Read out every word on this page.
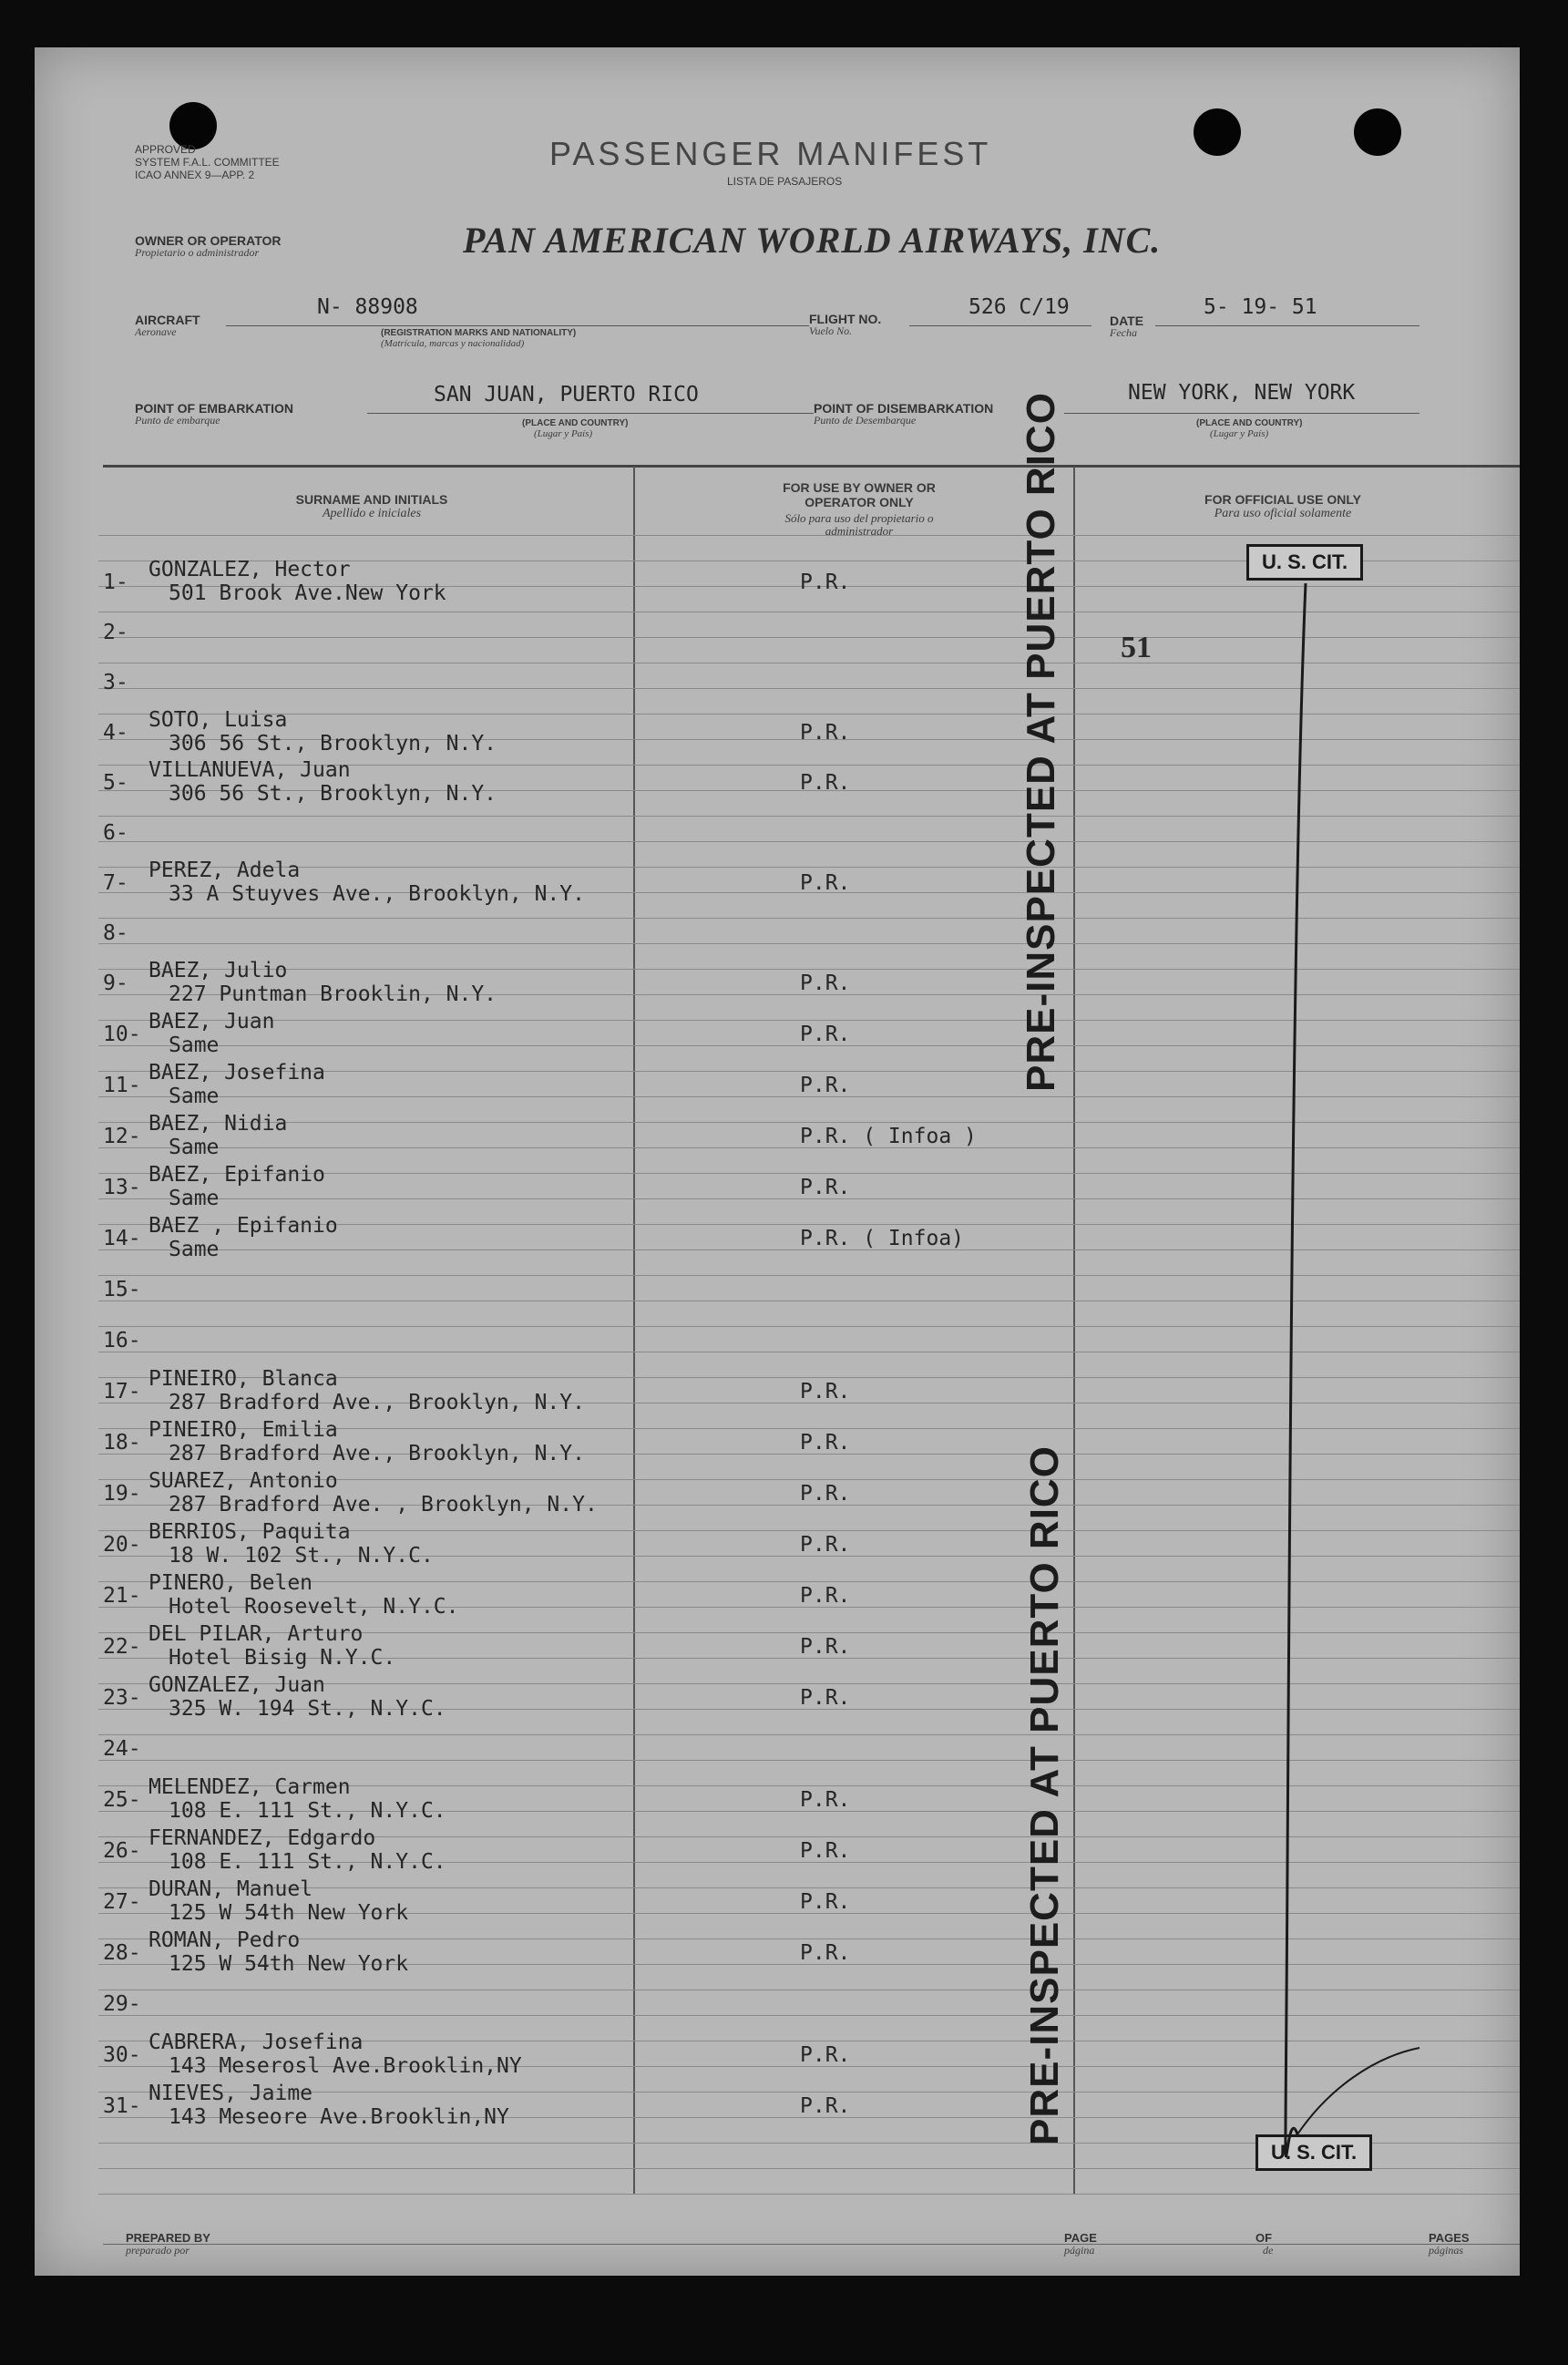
APPROVED
SYSTEM F.A.L. COMMITTEE
ICAO ANNEX 9—APP. 2
PASSENGER MANIFEST
LISTA DE PASAJEROS
OWNER OR OPERATOR
Propietario o administrador	PAN AMERICAN WORLD AIRWAYS, INC.
AIRCRAFT
Aeronave
N- 88908
(REGISTRATION MARKS AND NATIONALITY)
(Matrícula, marcas y nacionalidad)
FLIGHT NO.
Vuelo No.
526 C/19
DATE
Fecha
5- 19- 51
POINT OF EMBARKATION
Punto de embarque
SAN JUAN, PUERTO RICO
(PLACE AND COUNTRY)
(Lugar y País)
POINT OF DISEMBARKATION
Punto de Desembarque
NEW YORK, NEW YORK
(PLACE AND COUNTRY)
(Lugar y País)
SURNAME AND INITIALS
Apellido e iniciales
FOR USE BY OWNER OR OPERATOR ONLY
Sólo para uso del propietario o administrador
FOR OFFICIAL USE ONLY
Para uso oficial solamente
1-
GONZALEZ, Hector
501 Brook Ave.New York	P.R.
2-
3-
4-
SOTO, Luisa
306 56 St., Brooklyn, N.Y.	P.R.
5-
VILLANUEVA, Juan
306 56 St., Brooklyn, N.Y.	P.R.
6-
7-
PEREZ, Adela
33 A Stuyves Ave., Brooklyn, N.Y.	P.R.
8-
9-
BAEZ, Julio
227 Puntman Brooklin, N.Y.	P.R.
10-
BAEZ, Juan
Same	P.R.
11-
BAEZ, Josefina
Same	P.R.
12-
BAEZ, Nidia
Same	P.R. ( Infoa )
13-
BAEZ, Epifanio
Same	P.R.
14-
BAEZ , Epifanio
Same	P.R. ( Infoa)
15-
16-
17-
PINEIRO, Blanca
287 Bradford Ave., Brooklyn, N.Y.	P.R.
18-
PINEIRO, Emilia
287 Bradford Ave., Brooklyn, N.Y.	P.R.
19-
SUAREZ, Antonio
287 Bradford Ave. , Brooklyn, N.Y.	P.R.
20-
BERRIOS, Paquita
18 W. 102 St., N.Y.C.	P.R.
21-
PINERO, Belen
Hotel Roosevelt, N.Y.C.	P.R.
22-
DEL PILAR, Arturo
Hotel Bisig N.Y.C.	P.R.
23-
GONZALEZ, Juan
325 W. 194 St., N.Y.C.	P.R.
24-
25-
MELENDEZ, Carmen
108 E. 111 St., N.Y.C.	P.R.
26-
FERNANDEZ, Edgardo
108 E. 111 St., N.Y.C.	P.R.
27-
DURAN, Manuel
125 W 54th New York	P.R.
28-
ROMAN, Pedro
125 W 54th New York	P.R.
29-
30-
CABRERA, Josefina
143 Meserosl Ave.Brooklin,NY	P.R.
31-
NIEVES, Jaime
143 Meseore Ave.Brooklin,NY	P.R.
PRE-INSPECTED AT PUERTO RICO
PRE-INSPECTED AT PUERTO RICO
U. S. CIT.
U. S. CIT.
51
PREPARED BY
preparado por
PAGE
página
OF
de
PAGES
páginas
